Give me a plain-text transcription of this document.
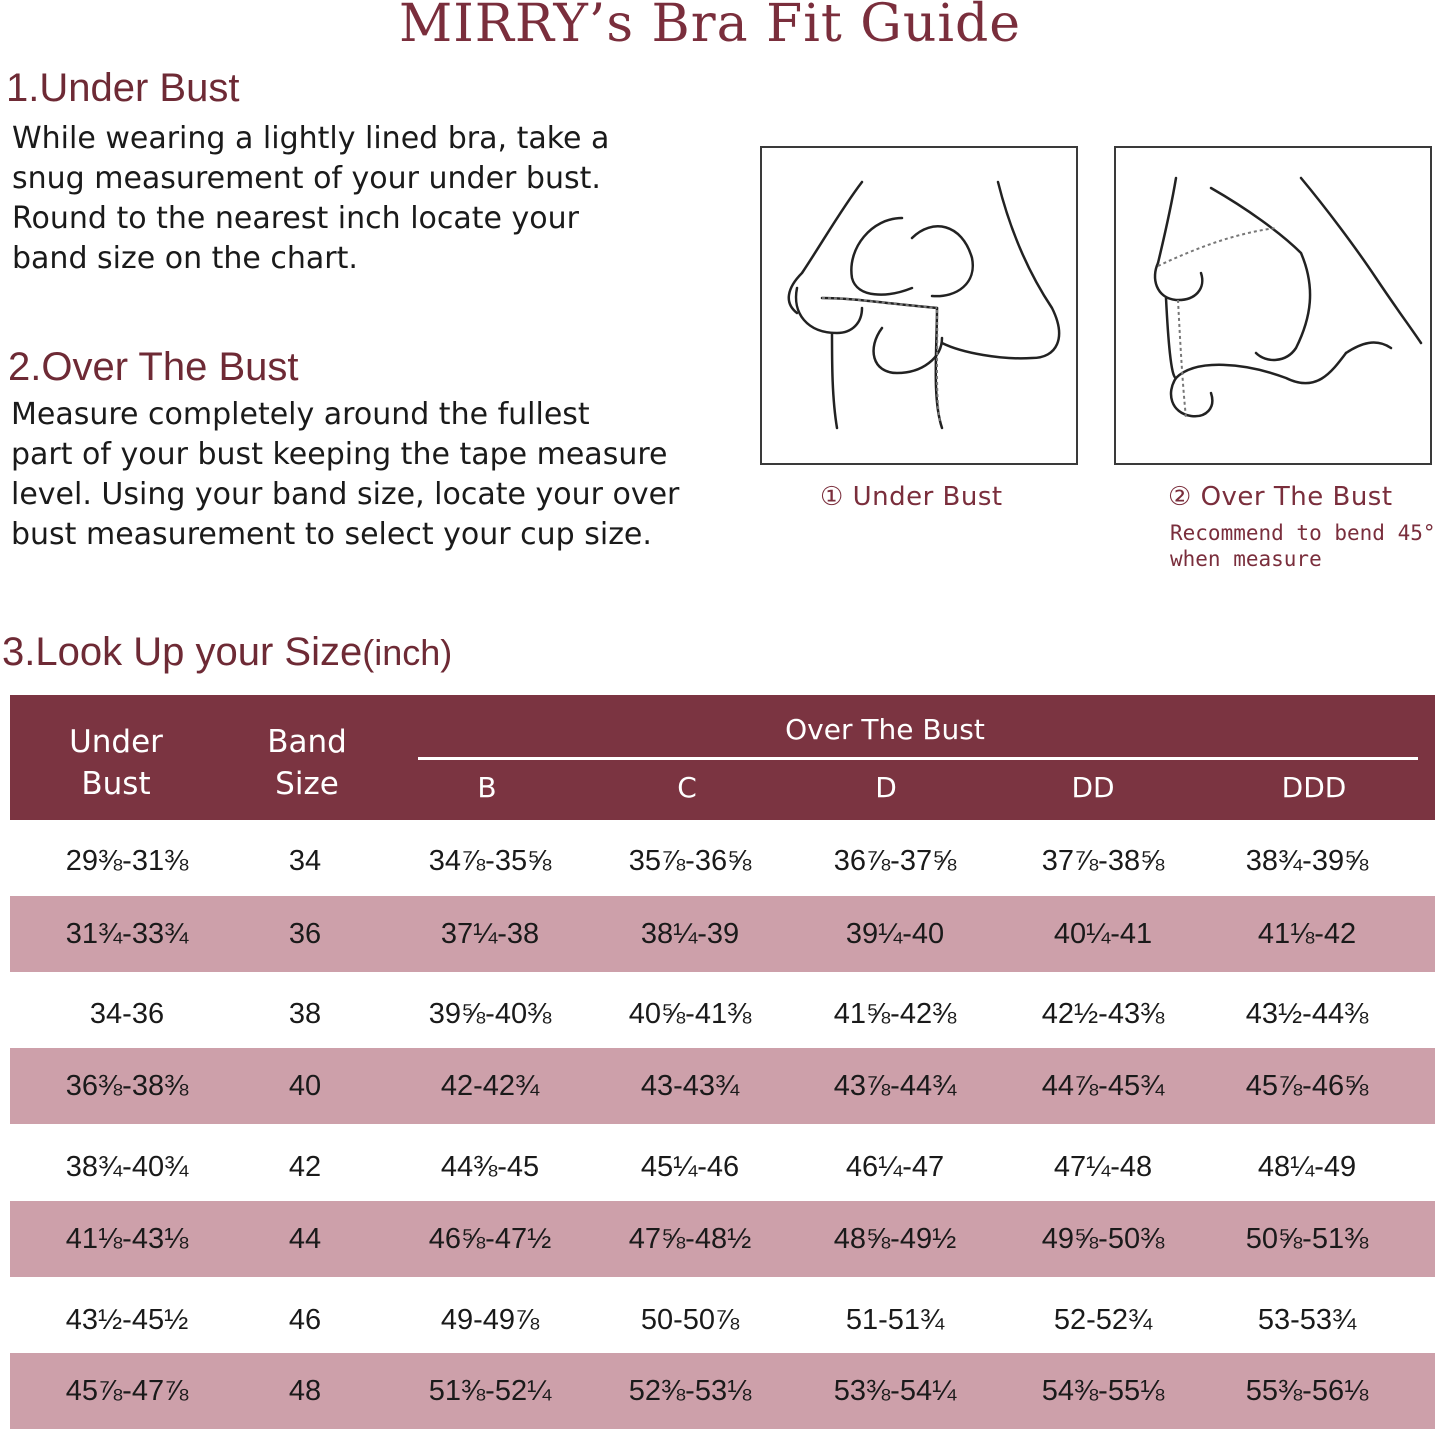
MIRRY’s Bra Fit Guide
1.Under Bust
While wearing a lightly lined bra, take a
snug measurement of your under bust.
Round to the nearest inch locate your
band size on the chart.
2.Over The Bust
Measure completely around the fullest
part of your bust keeping the tape measure
level. Using your band size, locate your over
bust measurement to select your cup size.
① Under Bust	② Over The Bust
Recommend to bend 45°
when measure
3.Look Up your Size(inch)
Under
Bust
Band
Size
Over The Bust
B	C	D	DD	DDD
29⅜-31⅜	34	34⅞-35⅝	35⅞-36⅝	36⅞-37⅝	37⅞-38⅝	38¾-39⅝
31¾-33¾	36	37¼-38	38¼-39	39¼-40	40¼-41	41⅛-42
34-36	38	39⅝-40⅜	40⅝-41⅜	41⅝-42⅜	42½-43⅜	43½-44⅜
36⅜-38⅜	40	42-42¾	43-43¾	43⅞-44¾	44⅞-45¾	45⅞-46⅝
38¾-40¾	42	44⅜-45	45¼-46	46¼-47	47¼-48	48¼-49
41⅛-43⅛	44	46⅝-47½	47⅝-48½	48⅝-49½	49⅝-50⅜	50⅝-51⅜
43½-45½	46	49-49⅞	50-50⅞	51-51¾	52-52¾	53-53¾
45⅞-47⅞	48	51⅜-52¼	52⅜-53⅛	53⅜-54¼	54⅜-55⅛	55⅜-56⅛
